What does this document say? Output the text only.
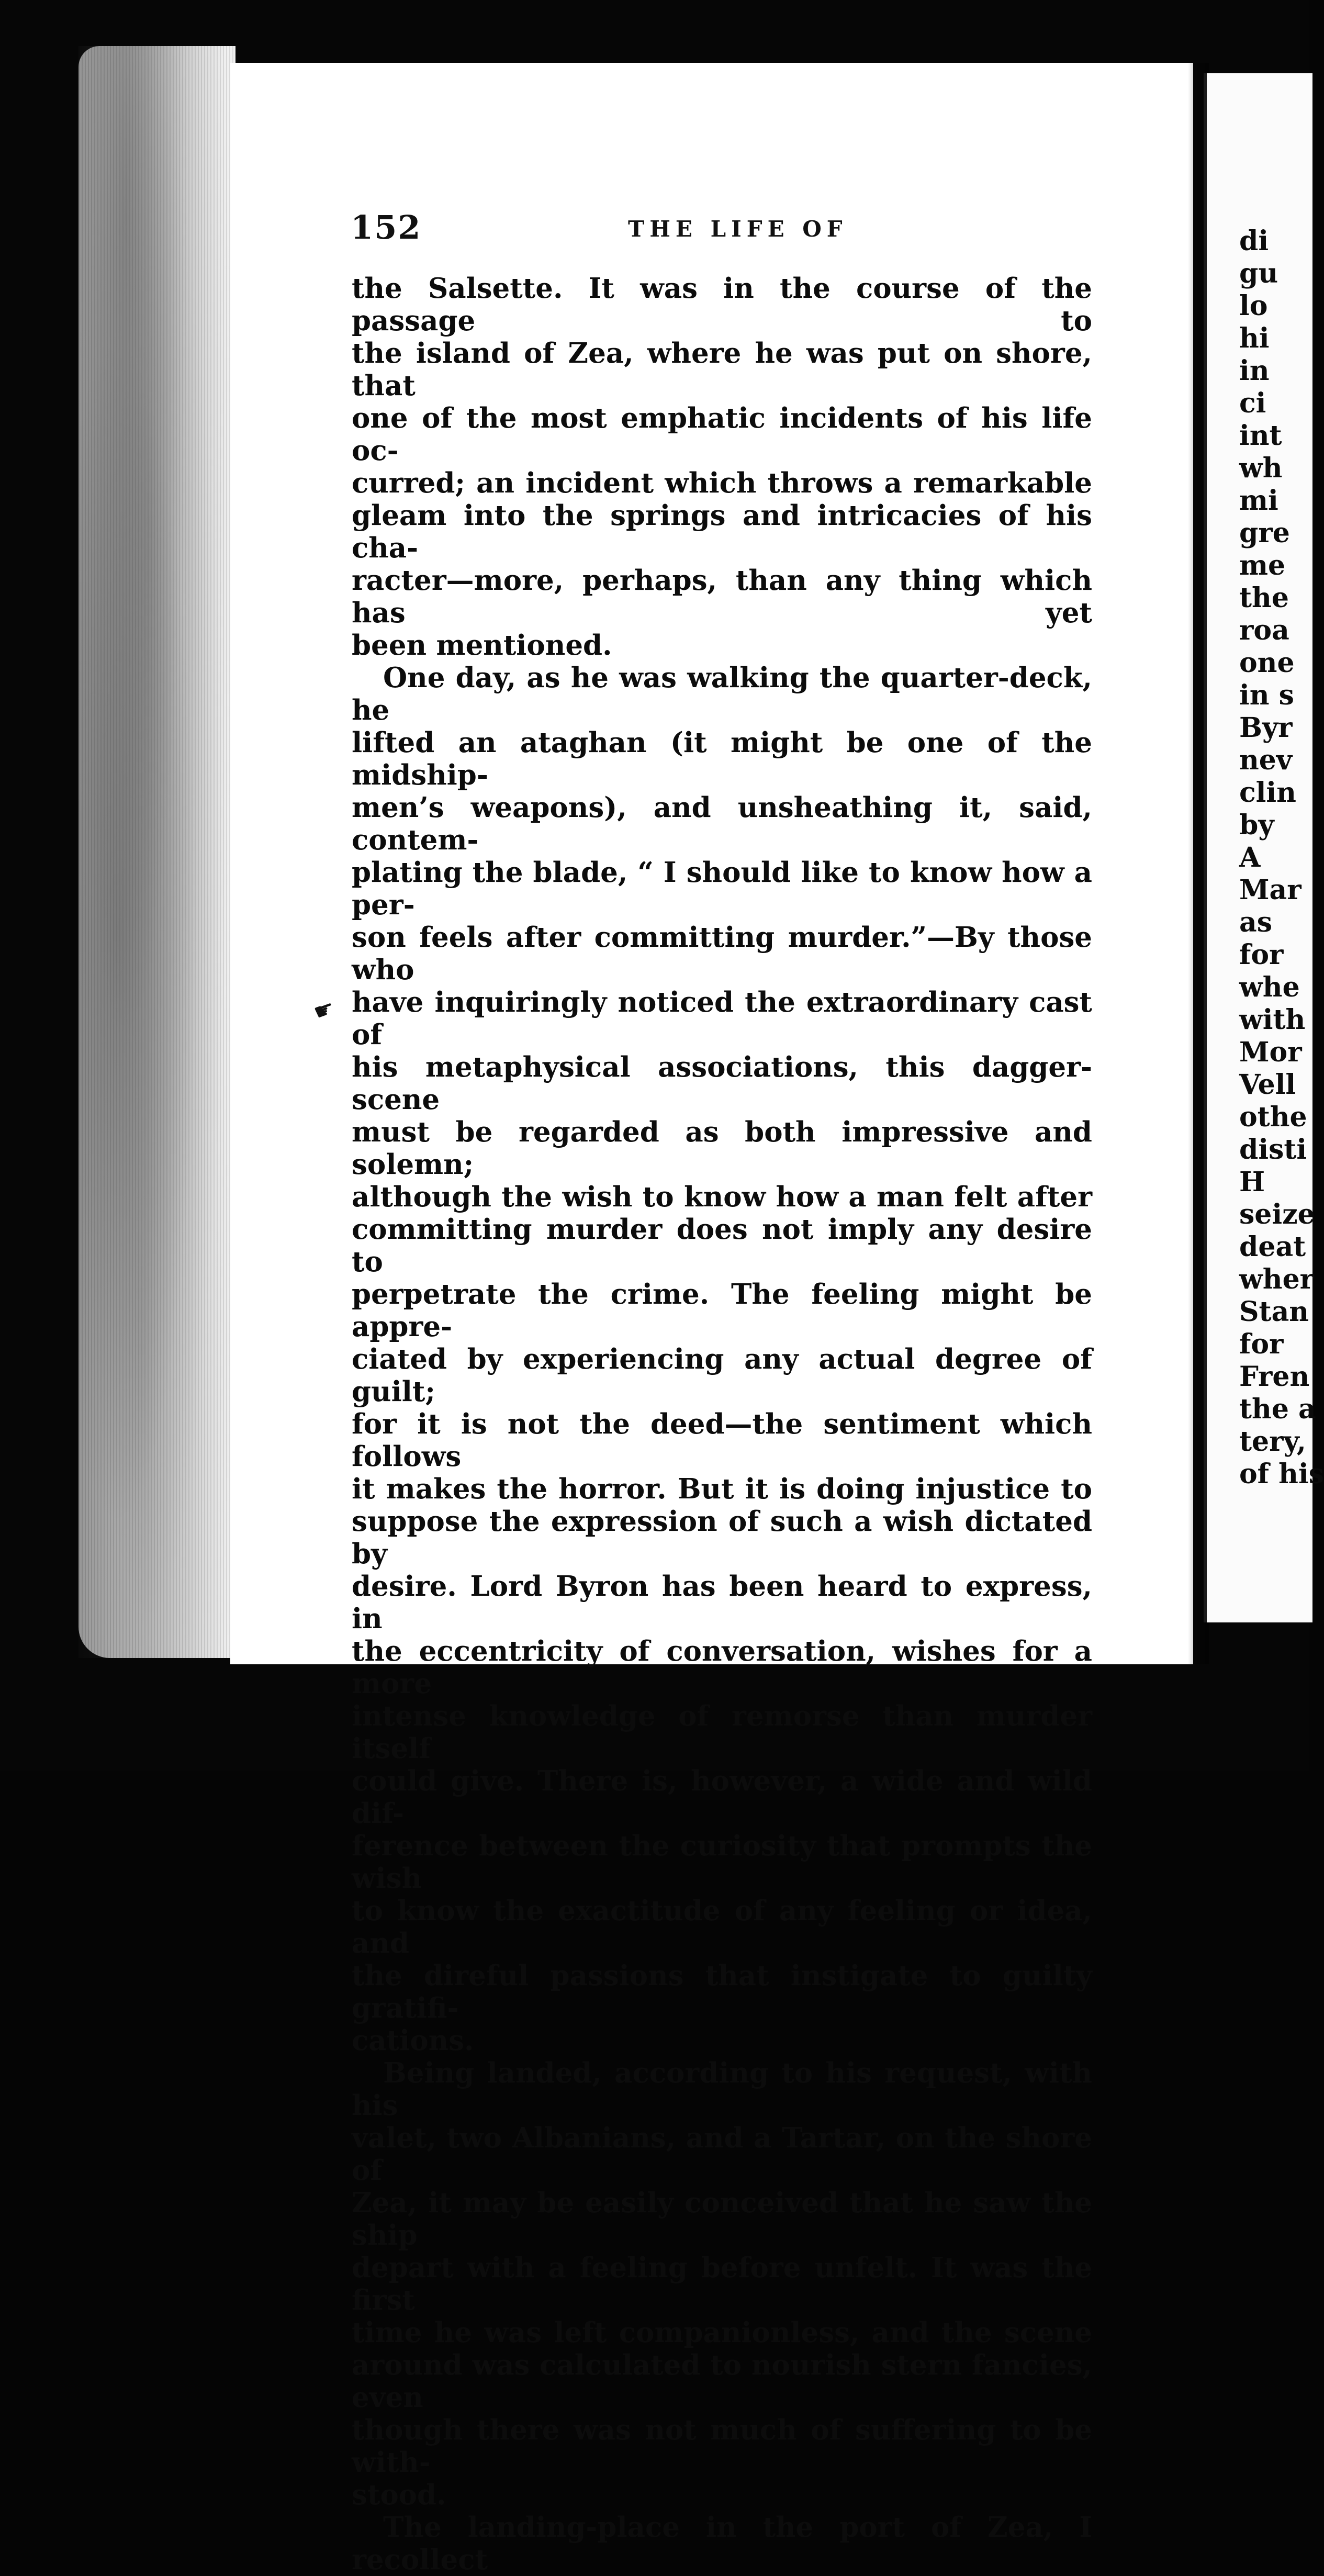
152	THE LIFE OF

the Salsette. It was in the course of the passage to

the island of Zea, where he was put on shore, that

one of the most emphatic incidents of his life oc-

curred; an incident which throws a remarkable

gleam into the springs and intricacies of his cha-

racter—more, perhaps, than any thing which has yet

been mentioned.

One day, as he was walking the quarter-deck, he

lifted an ataghan (it might be one of the midship-

men’s weapons), and unsheathing it, said, contem-

plating the blade, “ I should like to know how a per-

son feels after committing murder.”—By those who

have inquiringly noticed the extraordinary cast of

his metaphysical associations, this dagger-scene

must be regarded as both impressive and solemn;

although the wish to know how a man felt after

committing murder does not imply any desire to

perpetrate the crime. The feeling might be appre-

ciated by experiencing any actual degree of guilt;

for it is not the deed—the sentiment which follows

it makes the horror. But it is doing injustice to

suppose the expression of such a wish dictated by

desire. Lord Byron has been heard to express, in

the eccentricity of conversation, wishes for a more

intense knowledge of remorse than murder itself

could give. There is, however, a wide and wild dif-

ference between the curiosity that prompts the wish

to know the exactitude of any feeling or idea, and

the direful passions that instigate to guilty gratifi-

cations.

Being landed, according to his request, with his

valet, two Albanians, and a Tartar, on the shore of

Zea, it may be easily conceived that he saw the ship

depart with a feeling before unfelt. It was the first

time he was left companionless, and the scene

around was calculated to nourish stern fancies, even

though there was not much of suffering to be with-

stood.

The landing-place in the port of Zea, I recollect

di
gu
lo
hi
in
ci
int
wh
mi
gre
me
the
roa
one
in s
Byr
nev
clin
by
A
Mar
as
for
whe
with
Mor
Vell
othe
disti
H
seize
deat
wher
Stan
for
Fren
the a
tery,
of his
☛
